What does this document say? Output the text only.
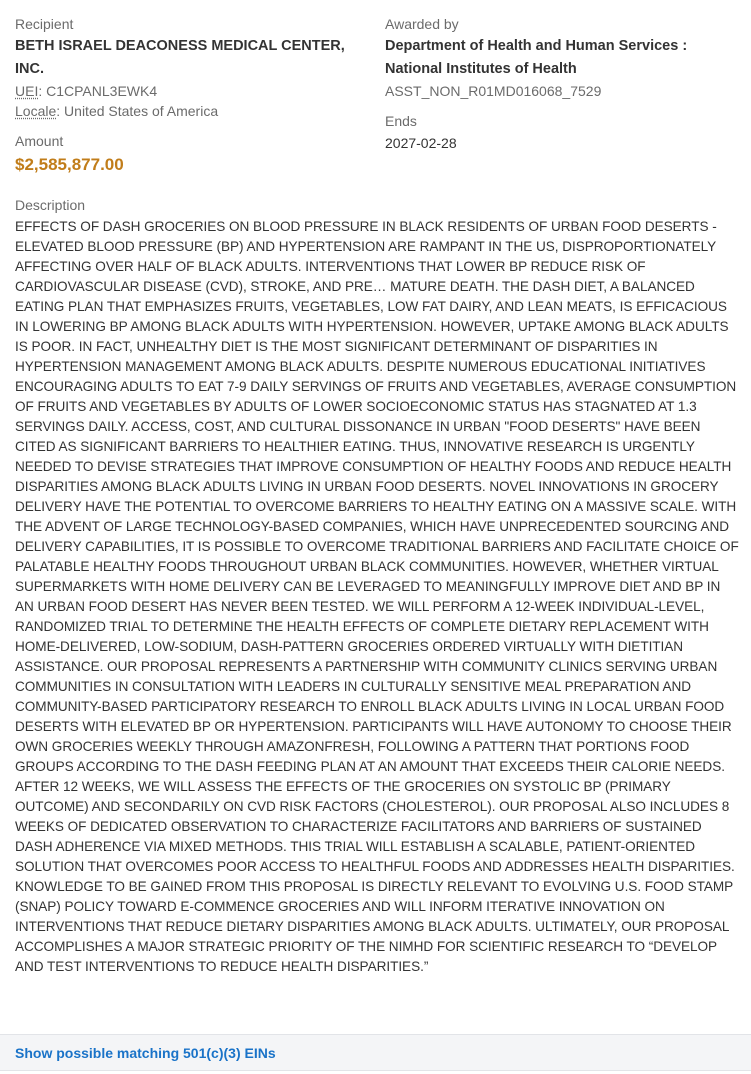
Recipient
BETH ISRAEL DEACONESS MEDICAL CENTER, INC.
UEI: C1CPANL3EWK4
Locale: United States of America
Amount
$2,585,877.00
Awarded by
Department of Health and Human Services : National Institutes of Health
ASST_NON_R01MD016068_7529
Ends
2027-02-28
Description
EFFECTS OF DASH GROCERIES ON BLOOD PRESSURE IN BLACK RESIDENTS OF URBAN FOOD DESERTS - ELEVATED BLOOD PRESSURE (BP) AND HYPERTENSION ARE RAMPANT IN THE US, DISPROPORTIONATELY AFFECTING OVER HALF OF BLACK ADULTS. INTERVENTIONS THAT LOWER BP REDUCE RISK OF CARDIOVASCULAR DISEASE (CVD), STROKE, AND PRE… MATURE DEATH. THE DASH DIET, A BALANCED EATING PLAN THAT EMPHASIZES FRUITS, VEGETABLES, LOW FAT DAIRY, AND LEAN MEATS, IS EFFICACIOUS IN LOWERING BP AMONG BLACK ADULTS WITH HYPERTENSION. HOWEVER, UPTAKE AMONG BLACK ADULTS IS POOR. IN FACT, UNHEALTHY DIET IS THE MOST SIGNIFICANT DETERMINANT OF DISPARITIES IN HYPERTENSION MANAGEMENT AMONG BLACK ADULTS. DESPITE NUMEROUS EDUCATIONAL INITIATIVES ENCOURAGING ADULTS TO EAT 7-9 DAILY SERVINGS OF FRUITS AND VEGETABLES, AVERAGE CONSUMPTION OF FRUITS AND VEGETABLES BY ADULTS OF LOWER SOCIOECONOMIC STATUS HAS STAGNATED AT 1.3 SERVINGS DAILY. ACCESS, COST, AND CULTURAL DISSONANCE IN URBAN "FOOD DESERTS" HAVE BEEN CITED AS SIGNIFICANT BARRIERS TO HEALTHIER EATING. THUS, INNOVATIVE RESEARCH IS URGENTLY NEEDED TO DEVISE STRATEGIES THAT IMPROVE CONSUMPTION OF HEALTHY FOODS AND REDUCE HEALTH DISPARITIES AMONG BLACK ADULTS LIVING IN URBAN FOOD DESERTS. NOVEL INNOVATIONS IN GROCERY DELIVERY HAVE THE POTENTIAL TO OVERCOME BARRIERS TO HEALTHY EATING ON A MASSIVE SCALE. WITH THE ADVENT OF LARGE TECHNOLOGY-BASED COMPANIES, WHICH HAVE UNPRECEDENTED SOURCING AND DELIVERY CAPABILITIES, IT IS POSSIBLE TO OVERCOME TRADITIONAL BARRIERS AND FACILITATE CHOICE OF PALATABLE HEALTHY FOODS THROUGHOUT URBAN BLACK COMMUNITIES. HOWEVER, WHETHER VIRTUAL SUPERMARKETS WITH HOME DELIVERY CAN BE LEVERAGED TO MEANINGFULLY IMPROVE DIET AND BP IN AN URBAN FOOD DESERT HAS NEVER BEEN TESTED. WE WILL PERFORM A 12-WEEK INDIVIDUAL-LEVEL, RANDOMIZED TRIAL TO DETERMINE THE HEALTH EFFECTS OF COMPLETE DIETARY REPLACEMENT WITH HOME-DELIVERED, LOW-SODIUM, DASH-PATTERN GROCERIES ORDERED VIRTUALLY WITH DIETITIAN ASSISTANCE. OUR PROPOSAL REPRESENTS A PARTNERSHIP WITH COMMUNITY CLINICS SERVING URBAN COMMUNITIES IN CONSULTATION WITH LEADERS IN CULTURALLY SENSITIVE MEAL PREPARATION AND COMMUNITY-BASED PARTICIPATORY RESEARCH TO ENROLL BLACK ADULTS LIVING IN LOCAL URBAN FOOD DESERTS WITH ELEVATED BP OR HYPERTENSION. PARTICIPANTS WILL HAVE AUTONOMY TO CHOOSE THEIR OWN GROCERIES WEEKLY THROUGH AMAZONFRESH, FOLLOWING A PATTERN THAT PORTIONS FOOD GROUPS ACCORDING TO THE DASH FEEDING PLAN AT AN AMOUNT THAT EXCEEDS THEIR CALORIE NEEDS. AFTER 12 WEEKS, WE WILL ASSESS THE EFFECTS OF THE GROCERIES ON SYSTOLIC BP (PRIMARY OUTCOME) AND SECONDARILY ON CVD RISK FACTORS (CHOLESTEROL). OUR PROPOSAL ALSO INCLUDES 8 WEEKS OF DEDICATED OBSERVATION TO CHARACTERIZE FACILITATORS AND BARRIERS OF SUSTAINED DASH ADHERENCE VIA MIXED METHODS. THIS TRIAL WILL ESTABLISH A SCALABLE, PATIENT-ORIENTED SOLUTION THAT OVERCOMES POOR ACCESS TO HEALTHFUL FOODS AND ADDRESSES HEALTH DISPARITIES. KNOWLEDGE TO BE GAINED FROM THIS PROPOSAL IS DIRECTLY RELEVANT TO EVOLVING U.S. FOOD STAMP (SNAP) POLICY TOWARD E-COMMENCE GROCERIES AND WILL INFORM ITERATIVE INNOVATION ON INTERVENTIONS THAT REDUCE DIETARY DISPARITIES AMONG BLACK ADULTS. ULTIMATELY, OUR PROPOSAL ACCOMPLISHES A MAJOR STRATEGIC PRIORITY OF THE NIMHD FOR SCIENTIFIC RESEARCH TO “DEVELOP AND TEST INTERVENTIONS TO REDUCE HEALTH DISPARITIES.”
Show possible matching 501(c)(3) EINs
